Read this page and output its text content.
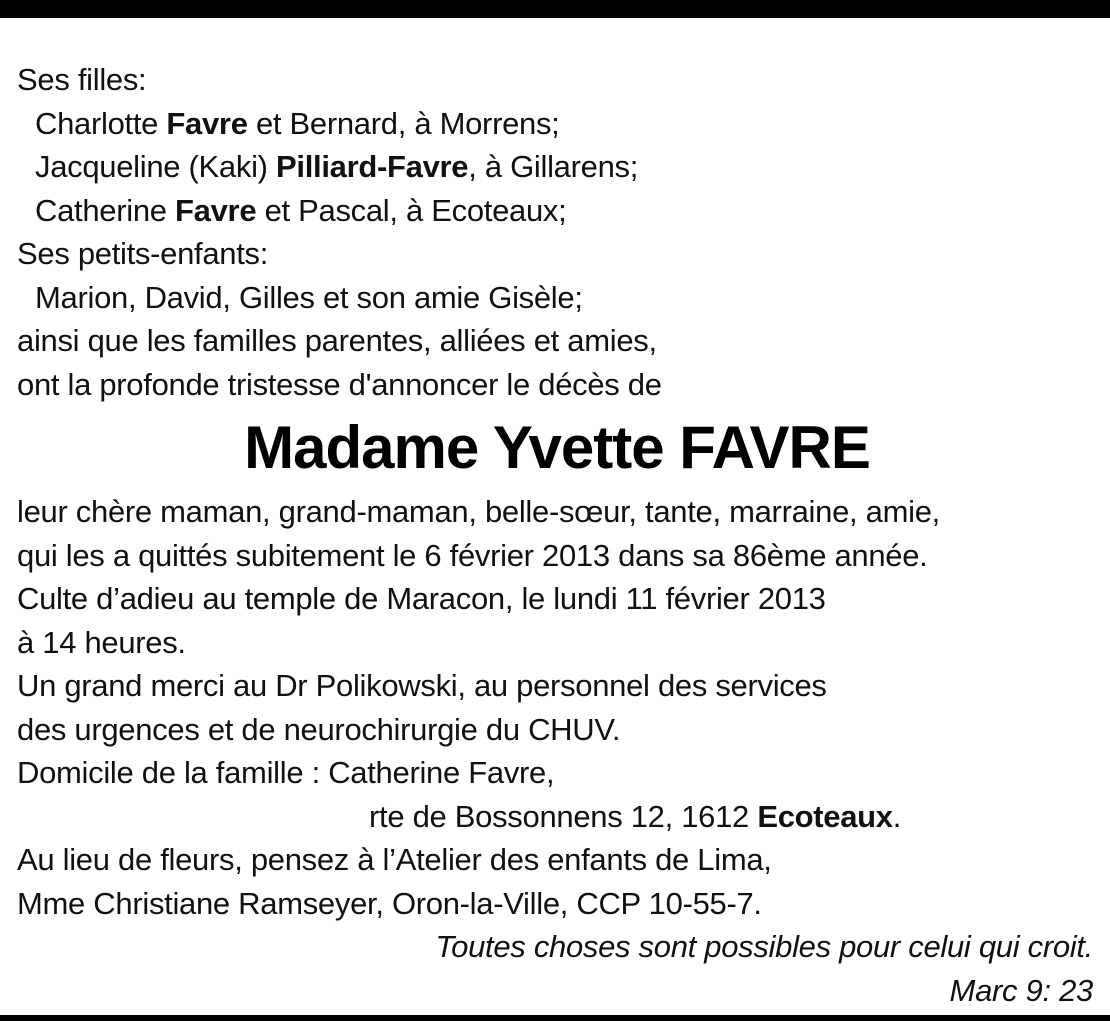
Ses filles:
Charlotte Favre et Bernard, à Morrens;
Jacqueline (Kaki) Pilliard-Favre, à Gillarens;
Catherine Favre et Pascal, à Ecoteaux;
Ses petits-enfants:
Marion, David, Gilles et son amie Gisèle;
ainsi que les familles parentes, alliées et amies,
ont la profonde tristesse d'annoncer le décès de
Madame Yvette FAVRE
leur chère maman, grand-maman, belle-sœur, tante, marraine, amie,
qui les a quittés subitement le 6 février 2013 dans sa 86ème année.
Culte d’adieu au temple de Maracon, le lundi 11 février 2013
à 14 heures.
Un grand merci au Dr Polikowski, au personnel des services
des urgences et de neurochirurgie du CHUV.
Domicile de la famille : Catherine Favre,
rte de Bossonnens 12, 1612 Ecoteaux.
Au lieu de fleurs, pensez à l’Atelier des enfants de Lima,
Mme Christiane Ramseyer, Oron-la-Ville, CCP 10-55-7.
Toutes choses sont possibles pour celui qui croit.
Marc 9: 23
